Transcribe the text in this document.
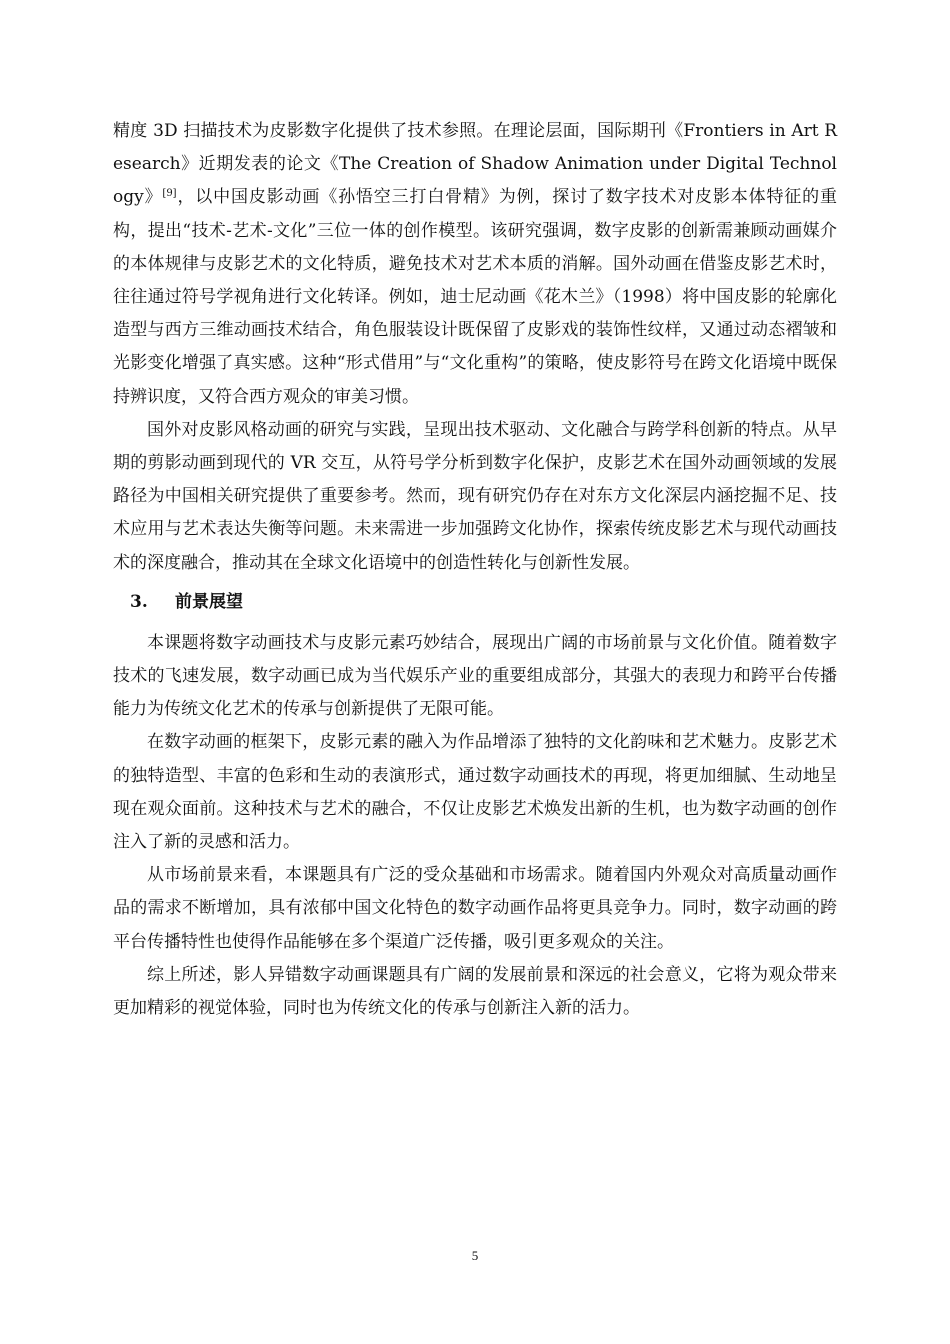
精度 3D 扫描技术为皮影数字化提供了技术参照。在理论层面，国际期刊《Frontiers in Art Research》近期发表的论文《The Creation of Shadow Animation under Digital Technology》[9]，以中国皮影动画《孙悟空三打白骨精》为例，探讨了数字技术对皮影本体特征的重构，提出“技术-艺术-文化”三位一体的创作模型。该研究强调，数字皮影的创新需兼顾动画媒介的本体规律与皮影艺术的文化特质，避免技术对艺术本质的消解。国外动画在借鉴皮影艺术时，往往通过符号学视角进行文化转译。例如，迪士尼动画《花木兰》（1998）将中国皮影的轮廓化造型与西方三维动画技术结合，角色服装设计既保留了皮影戏的装饰性纹样，又通过动态褶皱和光影变化增强了真实感。这种“形式借用”与“文化重构”的策略，使皮影符号在跨文化语境中既保持辨识度，又符合西方观众的审美习惯。

国外对皮影风格动画的研究与实践，呈现出技术驱动、文化融合与跨学科创新的特点。从早期的剪影动画到现代的 VR 交互，从符号学分析到数字化保护，皮影艺术在国外动画领域的发展路径为中国相关研究提供了重要参考。然而，现有研究仍存在对东方文化深层内涵挖掘不足、技术应用与艺术表达失衡等问题。未来需进一步加强跨文化协作，探索传统皮影艺术与现代动画技术的深度融合，推动其在全球文化语境中的创造性转化与创新性发展。

3.	前景展望

本课题将数字动画技术与皮影元素巧妙结合，展现出广阔的市场前景与文化价值。随着数字技术的飞速发展，数字动画已成为当代娱乐产业的重要组成部分，其强大的表现力和跨平台传播能力为传统文化艺术的传承与创新提供了无限可能。

在数字动画的框架下，皮影元素的融入为作品增添了独特的文化韵味和艺术魅力。皮影艺术的独特造型、丰富的色彩和生动的表演形式，通过数字动画技术的再现，将更加细腻、生动地呈现在观众面前。这种技术与艺术的融合，不仅让皮影艺术焕发出新的生机，也为数字动画的创作注入了新的灵感和活力。

从市场前景来看，本课题具有广泛的受众基础和市场需求。随着国内外观众对高质量动画作品的需求不断增加，具有浓郁中国文化特色的数字动画作品将更具竞争力。同时，数字动画的跨平台传播特性也使得作品能够在多个渠道广泛传播，吸引更多观众的关注。

综上所述，影人异错数字动画课题具有广阔的发展前景和深远的社会意义，它将为观众带来更加精彩的视觉体验，同时也为传统文化的传承与创新注入新的活力。

5
